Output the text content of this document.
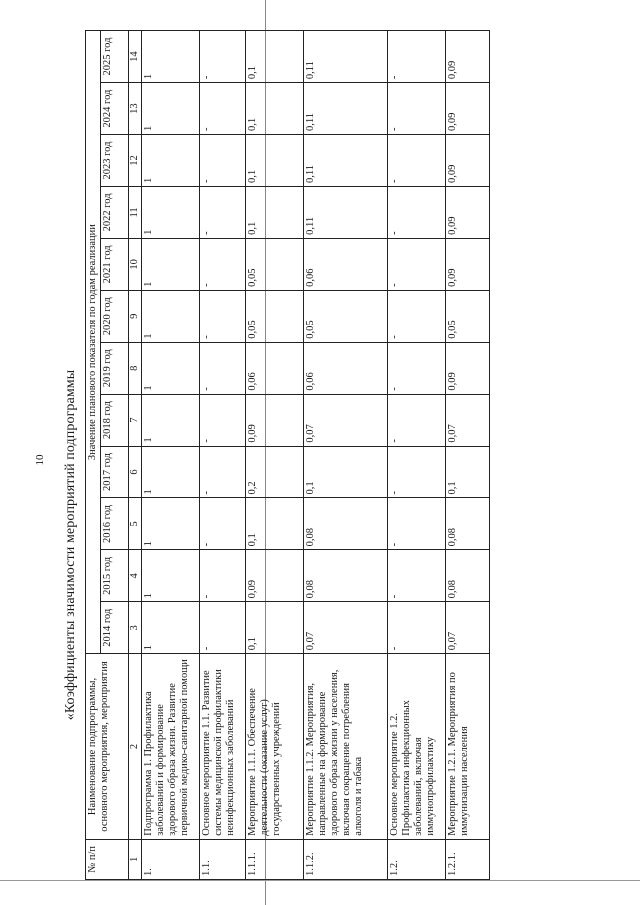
10 «Коэффициенты значимости мероприятий подпрограммы
№ п/п	Наименование подпрограммы, основного мероприятия, мероприятия	Значение планового показателя по годам реализации											
		2014 год	2015 год	2016 год	2017 год	2018 год	2019 год	2020 год	2021 год	2022 год	2023 год	2024 год	2025 год
1	2	3	4	5	6	7	8	9	10	11	12	13	14
1.	Подпрограмма 1. Профилактика заболеваний и формирование здорового образа жизни. Развитие первичной медико-санитарной помощи	1	1	1	1	1	1	1	1	1	1	1	1
1.1.	Основное мероприятие 1.1. Развитие системы медицинской профилактики неинфекционных заболеваний	-	-	-	-	-	-	-	-	-	-	-	-
1.1.1.	Мероприятие 1.1.1. Обеспечение деятельности (оказание услуг) государственных учреждений	0,1	0,09	0,1	0,2	0,09	0,06	0,05	0,05	0,1	0,1	0,1	0,1
1.1.2.	Мероприятие 1.1.2. Мероприятия, направленные на формирование здорового образа жизни у населения, включая сокращение потребления алкоголя и табака	0,07	0,08	0,08	0,1	0,07	0,06	0,05	0,06	0,11	0,11	0,11	0,11
1.2.	Основное мероприятие 1.2. Профилактика инфекционных заболеваний, включая иммунопрофилактику	-	-	-	-	-	-	-	-	-	-	-	-
1.2.1.	Мероприятие 1.2.1. Мероприятия по иммунизации населения	0,07	0,08	0,08	0,1	0,07	0,09	0,05	0,09	0,09	0,09	0,09	0,09
